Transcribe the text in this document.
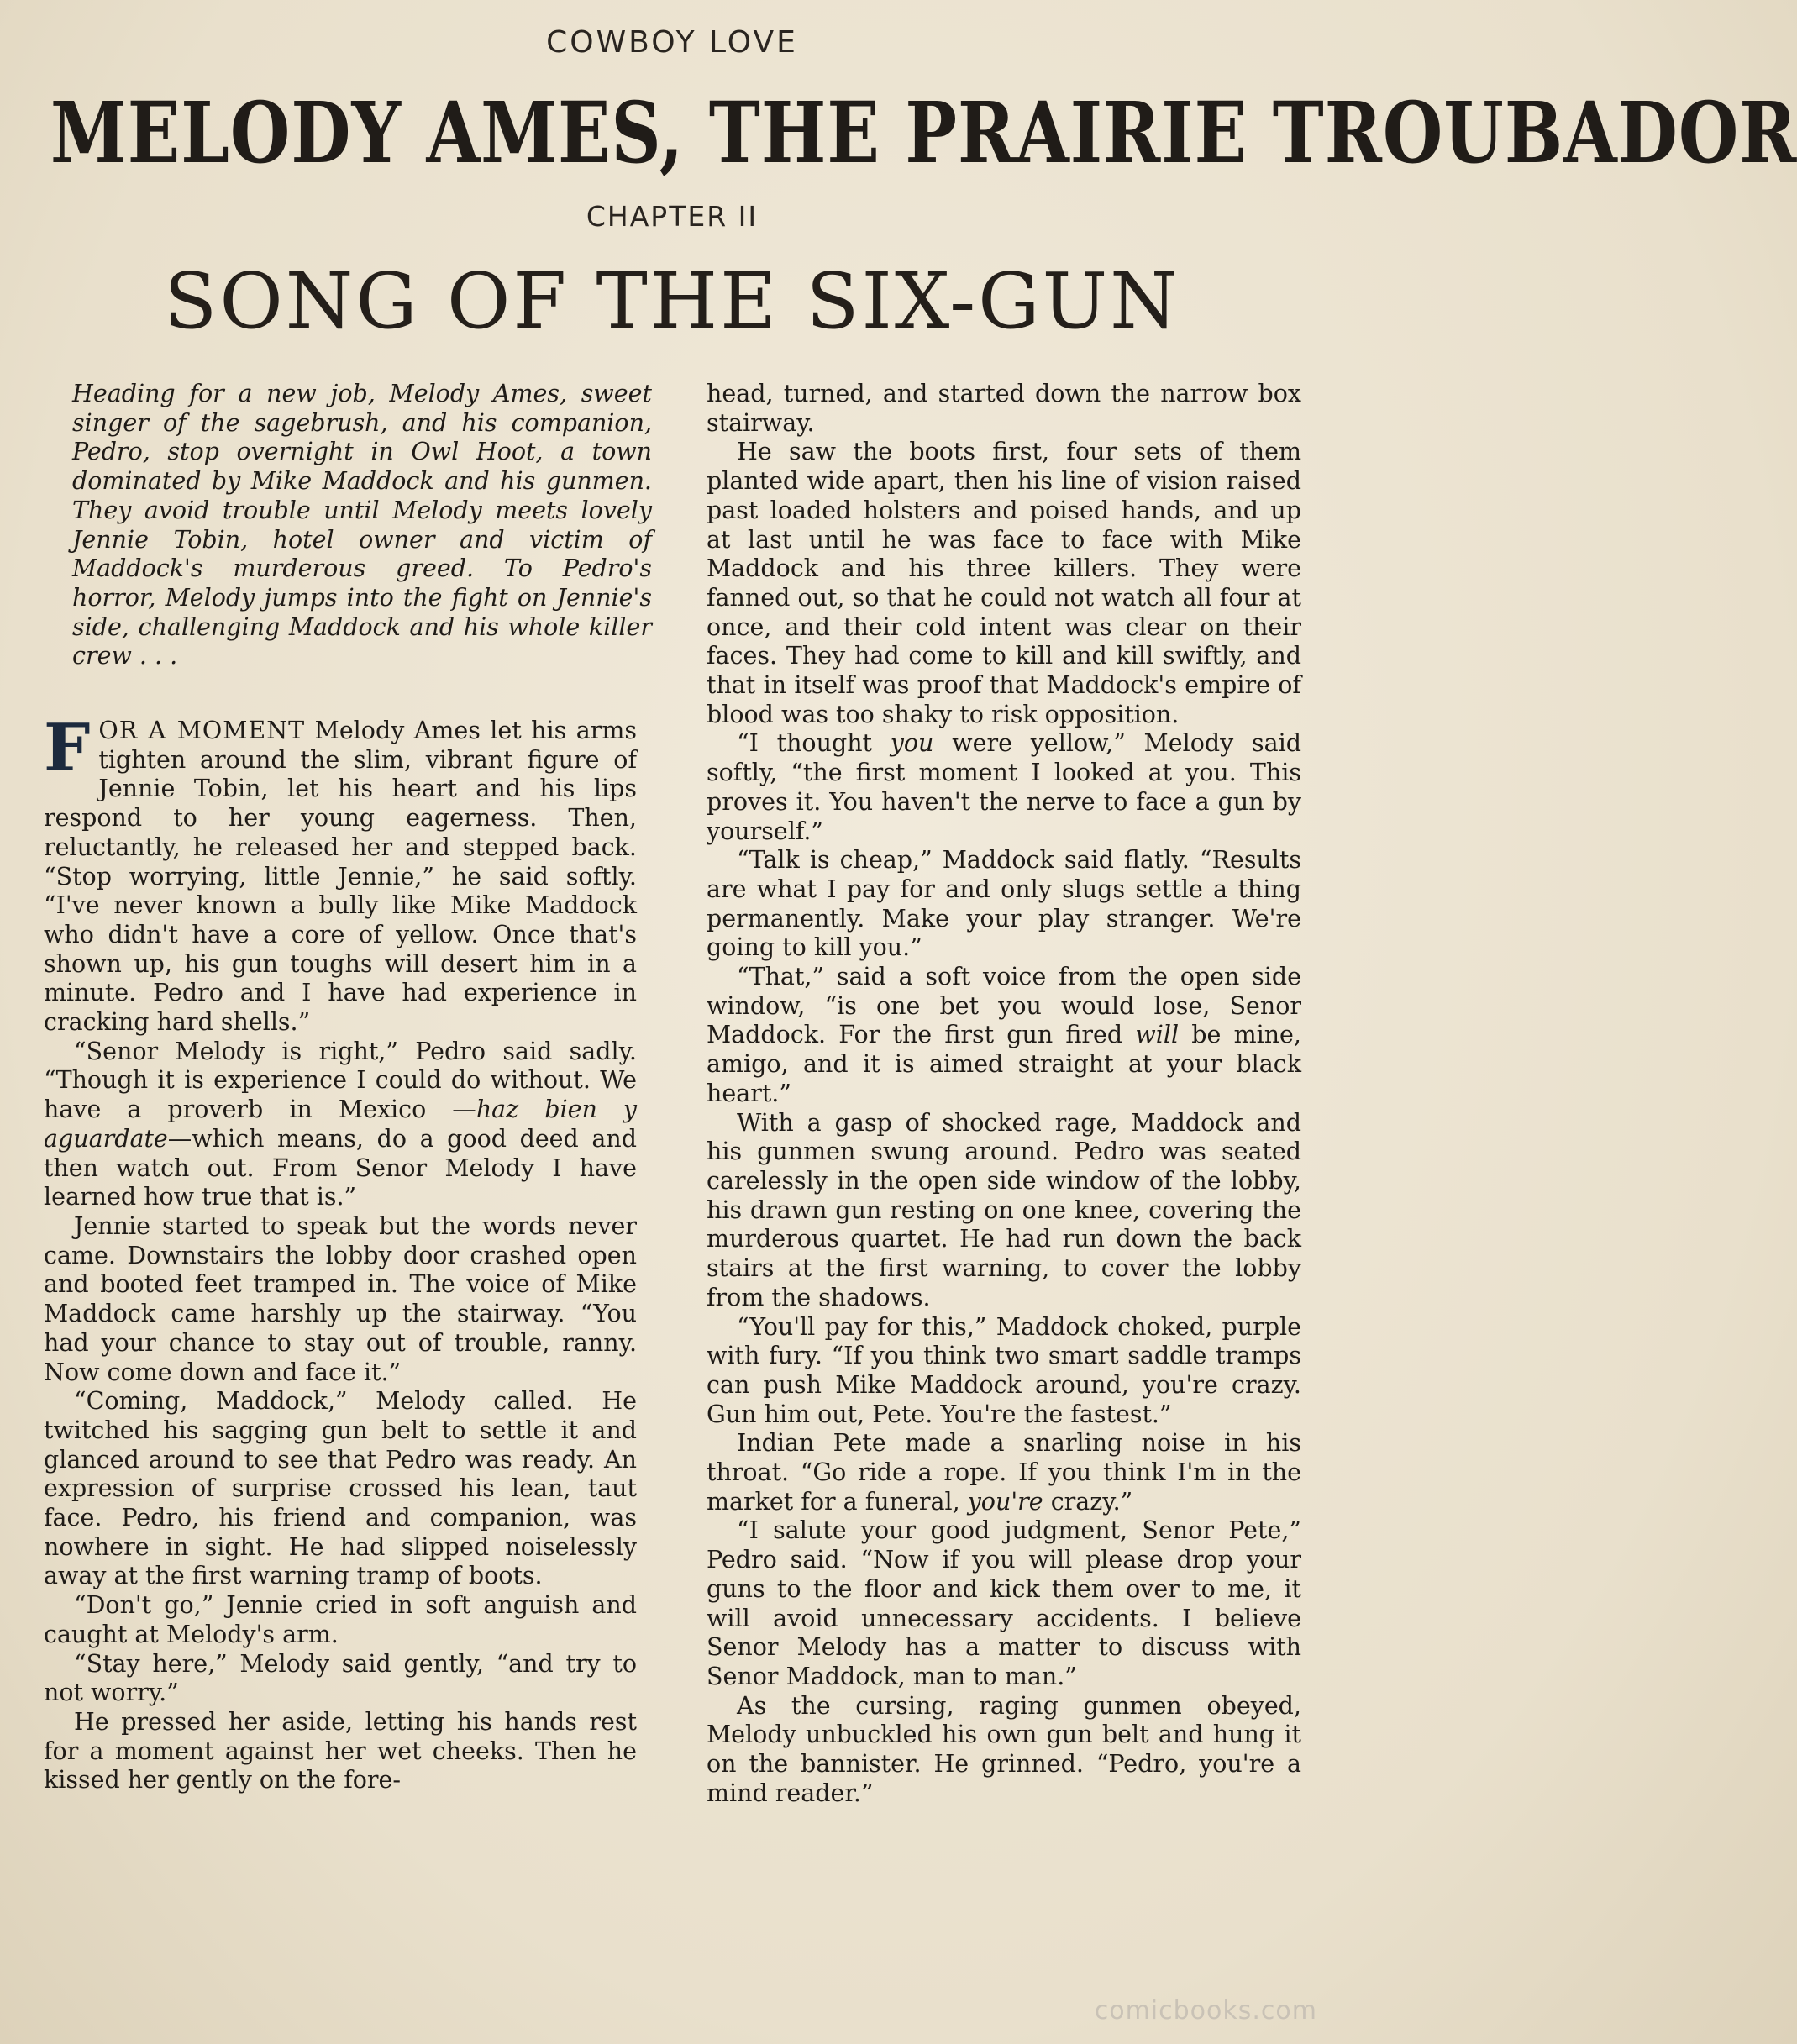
COWBOY LOVE
MELODY AMES, THE PRAIRIE TROUBADOR
CHAPTER II
SONG OF THE SIX-GUN
Heading for a new job, Melody Ames, sweet singer of the sagebrush, and his companion, Pedro, stop overnight in Owl Hoot, a town dominated by Mike Maddock and his gunmen. They avoid trouble until Melody meets lovely Jennie Tobin, hotel owner and victim of Maddock's murderous greed. To Pedro's horror, Melody jumps into the fight on Jennie's side, challenging Maddock and his whole killer crew . . .

FOR A MOMENT Melody Ames let his arms tighten around the slim, vibrant figure of Jennie Tobin, let his heart and his lips respond to her young eagerness. Then, reluctantly, he released her and stepped back. “Stop worrying, little Jennie,” he said softly. “I've never known a bully like Mike Maddock who didn't have a core of yellow. Once that's shown up, his gun toughs will desert him in a minute. Pedro and I have had experience in cracking hard shells.”

“Senor Melody is right,” Pedro said sadly. “Though it is experience I could do without. We have a proverb in Mexico —haz bien y aguardate—which means, do a good deed and then watch out. From Senor Melody I have learned how true that is.”

Jennie started to speak but the words never came. Downstairs the lobby door crashed open and booted feet tramped in. The voice of Mike Maddock came harshly up the stairway. “You had your chance to stay out of trouble, ranny. Now come down and face it.”

“Coming, Maddock,” Melody called. He twitched his sagging gun belt to settle it and glanced around to see that Pedro was ready. An expression of surprise crossed his lean, taut face. Pedro, his friend and companion, was nowhere in sight. He had slipped noiselessly away at the first warning tramp of boots.

“Don't go,” Jennie cried in soft anguish and caught at Melody's arm.

“Stay here,” Melody said gently, “and try to not worry.”

He pressed her aside, letting his hands rest for a moment against her wet cheeks. Then he kissed her gently on the fore-

head, turned, and started down the narrow box stairway.

He saw the boots first, four sets of them planted wide apart, then his line of vision raised past loaded holsters and poised hands, and up at last until he was face to face with Mike Maddock and his three killers. They were fanned out, so that he could not watch all four at once, and their cold intent was clear on their faces. They had come to kill and kill swiftly, and that in itself was proof that Maddock's empire of blood was too shaky to risk opposition.

“I thought you were yellow,” Melody said softly, “the first moment I looked at you. This proves it. You haven't the nerve to face a gun by yourself.”

“Talk is cheap,” Maddock said flatly. “Results are what I pay for and only slugs settle a thing permanently. Make your play stranger. We're going to kill you.”

“That,” said a soft voice from the open side window, “is one bet you would lose, Senor Maddock. For the first gun fired will be mine, amigo, and it is aimed straight at your black heart.”

With a gasp of shocked rage, Maddock and his gunmen swung around. Pedro was seated carelessly in the open side window of the lobby, his drawn gun resting on one knee, covering the murderous quartet. He had run down the back stairs at the first warning, to cover the lobby from the shadows.

“You'll pay for this,” Maddock choked, purple with fury. “If you think two smart saddle tramps can push Mike Maddock around, you're crazy. Gun him out, Pete. You're the fastest.”

Indian Pete made a snarling noise in his throat. “Go ride a rope. If you think I'm in the market for a funeral, you're crazy.”

“I salute your good judgment, Senor Pete,” Pedro said. “Now if you will please drop your guns to the floor and kick them over to me, it will avoid unnecessary accidents. I believe Senor Melody has a matter to discuss with Senor Maddock, man to man.”

As the cursing, raging gunmen obeyed, Melody unbuckled his own gun belt and hung it on the bannister. He grinned. “Pedro, you're a mind reader.”

comicbooks.com
